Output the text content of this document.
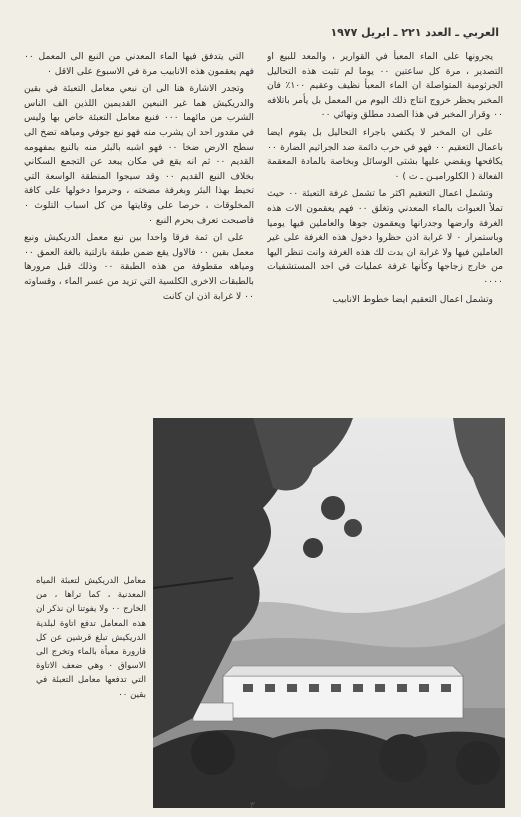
العربي ـ العدد ٢٢١ ـ ابريل ١٩٧٧

يجرونها على الماء المعبأ في القوارير ، والمعد للبيع او التصدير ، مرة كل ساعتين ٠٠ يوما لم تثبت هذه التحاليل الجرثومية المتواصلة ان الماء المعبأ نظيف وعقيم ١٠٠٪ فان المخبر يحظر خروج انتاج ذلك اليوم من المعمل بل يأمر باتلافه ٠٠ وقرار المخبر في هذا الصدد مطلق ونهائي ٠٠

على ان المخبر لا يكتفي باجراء التحاليل بل يقوم ايضا باعمال التعقيم ٠٠ فهو في حرب دائمة ضد الجراثيم الضارة ٠٠ يكافحها ويقضي عليها بشتى الوسائل وبخاصة بالمادة المعقمة الفعالة ( الكلوراميـن ـ ت ) ٠

وتشمل اعمال التعقيم اكثر ما تشمل غرفة التعبئة ٠٠ حيث تملأ العبوات بالماء المعدني وتغلق ٠٠ فهم يعقمون الات هذه الغرفة وارضها وجدرانها ويعقمون جوها والعاملين فيها يوميا وباستمرار ٠ لا غرابة اذن حظروا دخول هذه الغرفة على غير العاملين فيها ولا غرابة ان بدت لك هذه الغرفة وانت تنظر اليها من خارج زجاجها وكأنها غرفة عمليات في احد المستشفيات ٠٠٠٠

وتشمل اعمال التعقيم ايضا خطوط الانابيب

التي يتدفق فيها الماء المعدني من النبع الى المعمل ٠٠ فهم يعقمون هذه الانابيب مرة في الاسبوع على الاقل ٠

وتجدر الاشارة هنا الى ان نبعي معامل التعبئة في بقين والدريكيش هما غير النبعين القديمين اللذين الف الناس الشرب من مائهما ٠٠٠ فنبع معامل التعبئة خاص بها وليس في مقدور احد ان يشرب منه فهو نبع جوفي ومياهه تضخ الى سطح الارض ضخا ٠٠ فهو اشبه بالبئر منه بالنبع بمفهومه القديم ٠٠ ثم انه يقع في مكان يبعد عن التجمع السكاني بخلاف النبع القديم ٠٠ وقد سيجوا المنطقة الواسعة التي تحيط بهذا البئر وبغرفة مضخته ، وحرموا دخولها على كافة المخلوقات ، حرصا على وقايتها من كل اسباب التلوث ٠ فاصبحت تعرف بحرم النبع ٠

على ان ثمة فرقا واحدا بين نبع معمل الدريكيش ونبع معمل بقين ٠٠ فالاول يقع ضمن طبقة بازلتية بالغة العمق ٠٠ ومياهه مقطوفة من هذه الطبقة ٠٠ وذلك قبل مرورها بالطبقات الاخرى الكلسية التي تزيد من عسر الماء ، وقساوته ٠٠ لا غرابة اذن ان كانت

معامل الدريكيش لتعبئة المياه المعدنية ، كما تراها ، من الخارج ٠٠ ولا يفوتنا ان نذكر ان هذه المعامل تدفع اتاوة لبلدية الدريكيش تبلغ قرشين عن كل قارورة معبأة بالماء وتخرج الى الاسواق ٠ وهي ضعف الاتاوة التي تدفعها معامل التعبئة في بقين ٠٠
٣
